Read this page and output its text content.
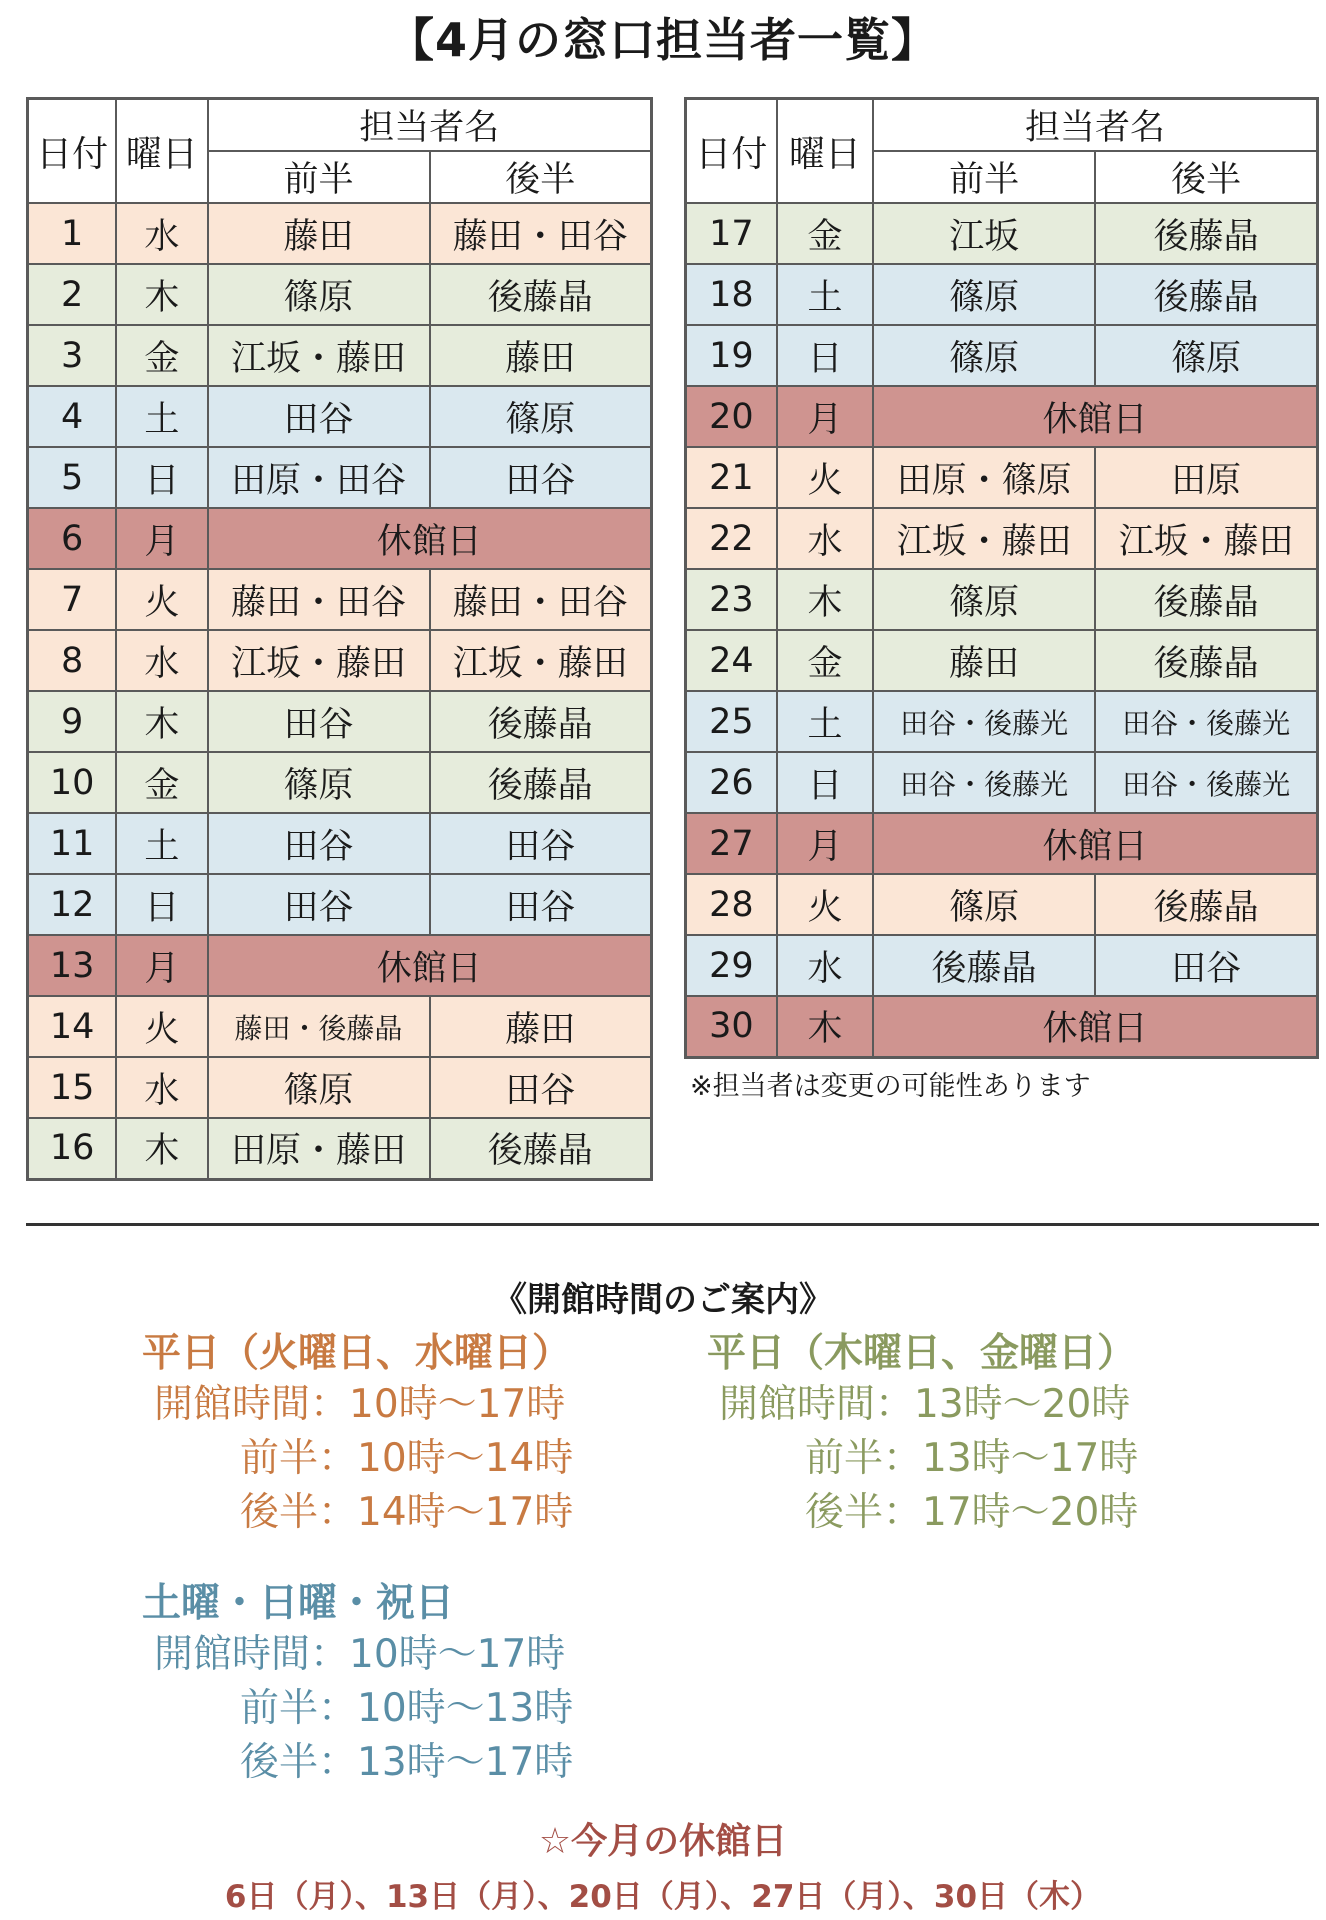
【4月の窓口担当者一覧】
日付	曜日	担当者名	
		前半	後半
1	水	藤田	藤田・田谷
2	木	篠原	後藤晶
3	金	江坂・藤田	藤田
4	土	田谷	篠原
5	日	田原・田谷	田谷
6	月	休館日	
7	火	藤田・田谷	藤田・田谷
8	水	江坂・藤田	江坂・藤田
9	木	田谷	後藤晶
10	金	篠原	後藤晶
11	土	田谷	田谷
12	日	田谷	田谷
13	月	休館日	
14	火	藤田・後藤晶	藤田
15	水	篠原	田谷
16	木	田原・藤田	後藤晶
日付	曜日	担当者名	
		前半	後半
17	金	江坂	後藤晶
18	土	篠原	後藤晶
19	日	篠原	篠原
20	月	休館日	
21	火	田原・篠原	田原
22	水	江坂・藤田	江坂・藤田
23	木	篠原	後藤晶
24	金	藤田	後藤晶
25	土	田谷・後藤光	田谷・後藤光
26	日	田谷・後藤光	田谷・後藤光
27	月	休館日	
28	火	篠原	後藤晶
29	水	後藤晶	田谷
30	木	休館日	
※担当者は変更の可能性あります
《開館時間のご案内》
平日（火曜日、水曜日）
開館時間：10時～17時
前半：10時～14時
後半：14時～17時
平日（木曜日、金曜日）
開館時間：13時～20時
前半：13時～17時
後半：17時～20時
土曜・日曜・祝日
開館時間：10時～17時
前半：10時～13時
後半：13時～17時
☆今月の休館日
6日（月）、13日（月）、20日（月）、27日（月）、30日（木）
